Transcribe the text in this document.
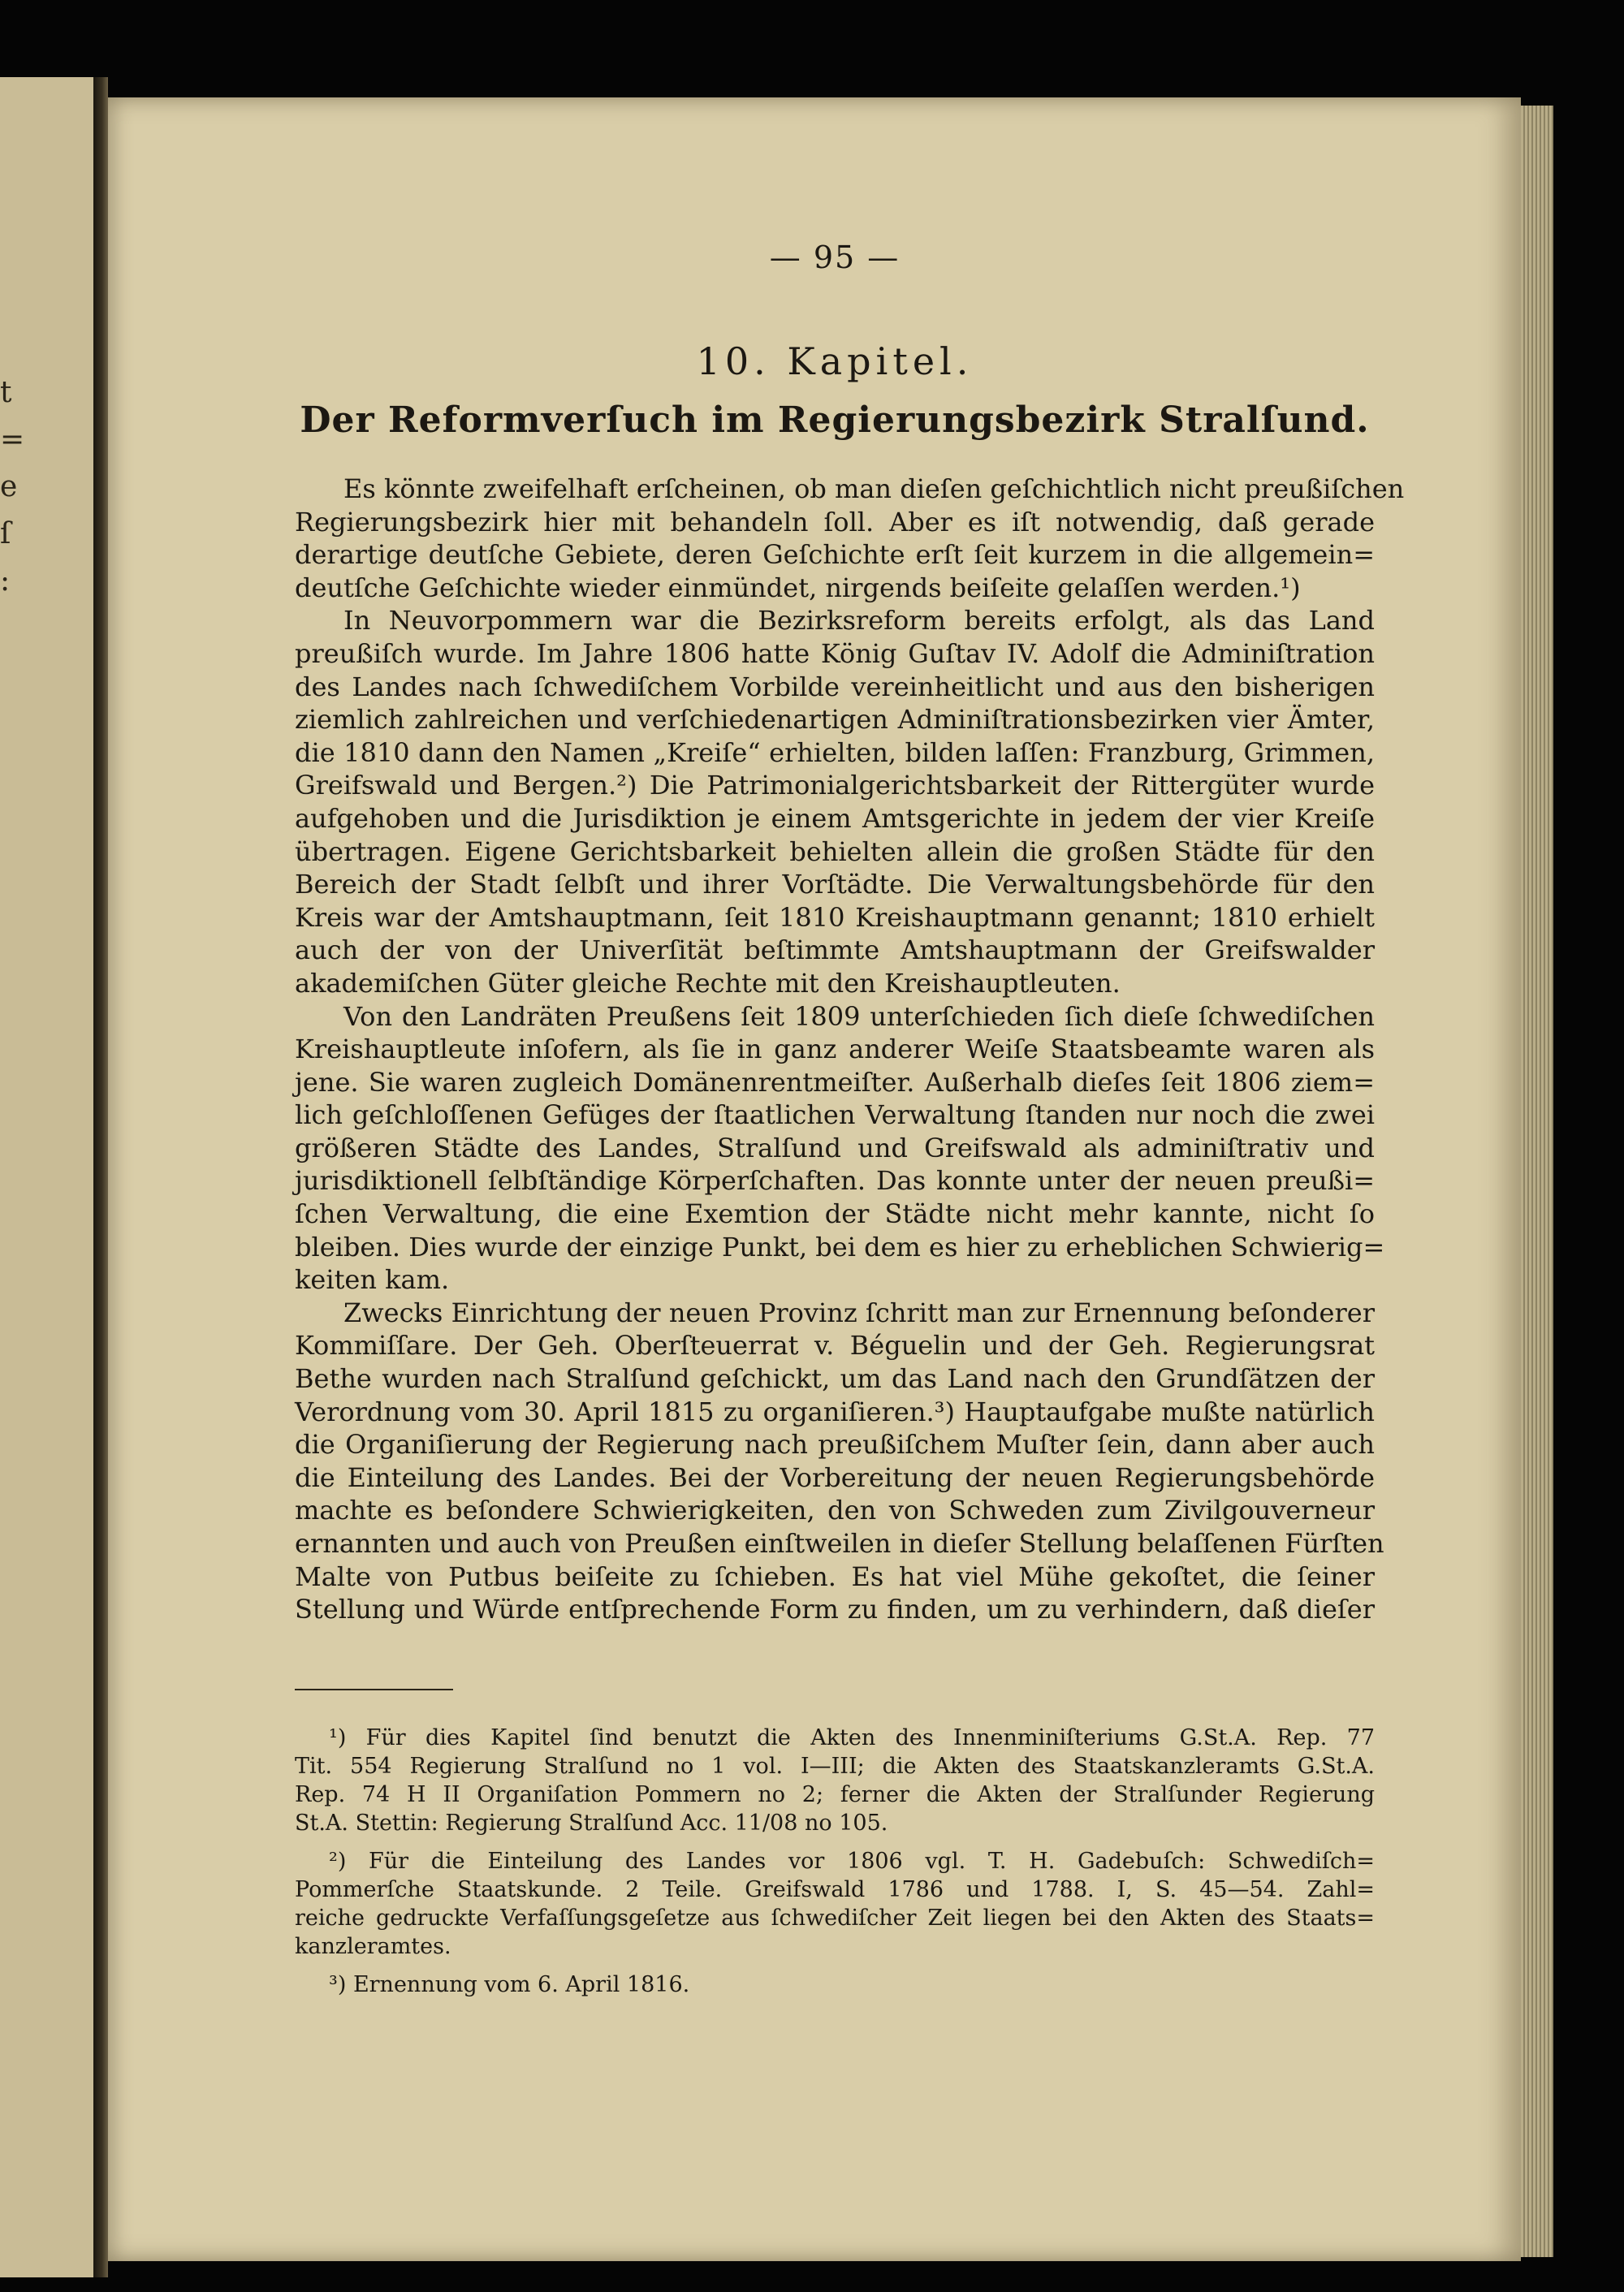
t
=
e
ſ
:
— 95 —
10. Kapitel.
Der Reformverſuch im Regierungsbezirk Stralſund.
Es könnte zweifelhaft erſcheinen, ob man dieſen geſchichtlich nicht preußiſchen
Regierungsbezirk hier mit behandeln ſoll. Aber es iſt notwendig, daß gerade
derartige deutſche Gebiete, deren Geſchichte erſt ſeit kurzem in die allgemein=
deutſche Geſchichte wieder einmündet, nirgends beiſeite gelaſſen werden.¹)
In Neuvorpommern war die Bezirksreform bereits erfolgt, als das Land
preußiſch wurde. Im Jahre 1806 hatte König Guſtav IV. Adolf die Adminiſtration
des Landes nach ſchwediſchem Vorbilde vereinheitlicht und aus den bisherigen
ziemlich zahlreichen und verſchiedenartigen Adminiſtrationsbezirken vier Ämter,
die 1810 dann den Namen „Kreiſe“ erhielten, bilden laſſen: Franzburg, Grimmen,
Greifswald und Bergen.²) Die Patrimonialgerichtsbarkeit der Rittergüter wurde
aufgehoben und die Jurisdiktion je einem Amtsgerichte in jedem der vier Kreiſe
übertragen. Eigene Gerichtsbarkeit behielten allein die großen Städte für den
Bereich der Stadt ſelbſt und ihrer Vorſtädte. Die Verwaltungsbehörde für den
Kreis war der Amtshauptmann, ſeit 1810 Kreishauptmann genannt; 1810 erhielt
auch der von der Univerſität beſtimmte Amtshauptmann der Greifswalder
akademiſchen Güter gleiche Rechte mit den Kreishauptleuten.
Von den Landräten Preußens ſeit 1809 unterſchieden ſich dieſe ſchwediſchen
Kreishauptleute inſofern, als ſie in ganz anderer Weiſe Staatsbeamte waren als
jene. Sie waren zugleich Domänenrentmeiſter. Außerhalb dieſes ſeit 1806 ziem=
lich geſchloſſenen Gefüges der ſtaatlichen Verwaltung ſtanden nur noch die zwei
größeren Städte des Landes, Stralſund und Greifswald als adminiſtrativ und
jurisdiktionell ſelbſtändige Körperſchaften. Das konnte unter der neuen preußi=
ſchen Verwaltung, die eine Exemtion der Städte nicht mehr kannte, nicht ſo
bleiben. Dies wurde der einzige Punkt, bei dem es hier zu erheblichen Schwierig=
keiten kam.
Zwecks Einrichtung der neuen Provinz ſchritt man zur Ernennung beſonderer
Kommiſſare. Der Geh. Oberſteuerrat v. Béguelin und der Geh. Regierungsrat
Bethe wurden nach Stralſund geſchickt, um das Land nach den Grundſätzen der
Verordnung vom 30. April 1815 zu organiſieren.³) Hauptaufgabe mußte natürlich
die Organiſierung der Regierung nach preußiſchem Muſter ſein, dann aber auch
die Einteilung des Landes. Bei der Vorbereitung der neuen Regierungsbehörde
machte es beſondere Schwierigkeiten, den von Schweden zum Zivilgouverneur
ernannten und auch von Preußen einſtweilen in dieſer Stellung belaſſenen Fürſten
Malte von Putbus beiſeite zu ſchieben. Es hat viel Mühe gekoſtet, die ſeiner
Stellung und Würde entſprechende Form zu finden, um zu verhindern, daß dieſer
¹) Für dies Kapitel ſind benutzt die Akten des Innenminiſteriums G.St.A. Rep. 77
Tit. 554 Regierung Stralſund no 1 vol. I—III; die Akten des Staatskanzleramts G.St.A.
Rep. 74 H II Organiſation Pommern no 2; ferner die Akten der Stralſunder Regierung
St.A. Stettin: Regierung Stralſund Acc. 11/08 no 105.
²) Für die Einteilung des Landes vor 1806 vgl. T. H. Gadebuſch: Schwediſch=
Pommerſche Staatskunde. 2 Teile. Greifswald 1786 und 1788. I, S. 45—54. Zahl=
reiche gedruckte Verfaſſungsgeſetze aus ſchwediſcher Zeit liegen bei den Akten des Staats=
kanzleramtes.
³) Ernennung vom 6. April 1816.
